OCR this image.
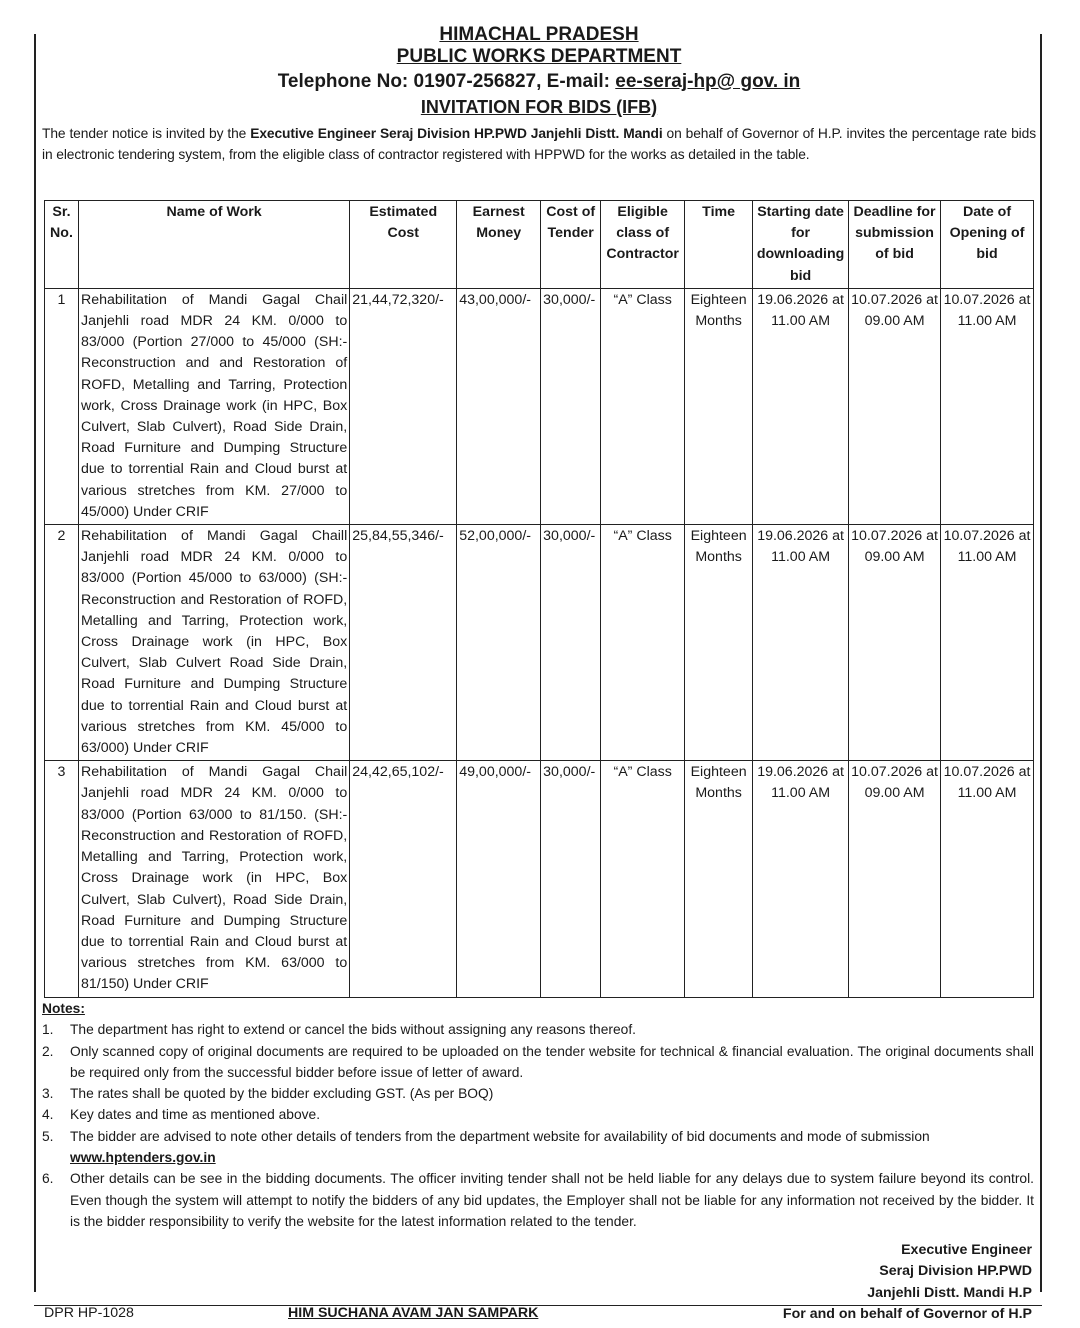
HIMACHAL PRADESH
PUBLIC WORKS DEPARTMENT
Telephone No: 01907-256827, E-mail: ee-seraj-hp@ gov. in
INVITATION FOR BIDS (IFB)
The tender notice is invited by the Executive Engineer Seraj Division HP.PWD Janjehli Distt. Mandi on behalf of Governor of H.P. invites the percentage rate bids in electronic tendering system, from the eligible class of contractor registered with HPPWD for the works as detailed in the table.
Sr. No.	Name of Work	Estimated Cost	Earnest Money	Cost of Tender	Eligible class of Contractor	Time	Starting date for downloading bid	Deadline for submission of bid	Date of Opening of bid
1	Rehabilitation of Mandi Gagal Chail Janjehli road MDR 24 KM. 0/000 to 83/000 (Portion 27/000 to 45/000 (SH:- Reconstruction and and Restoration of ROFD, Metalling and Tarring, Protection work, Cross Drainage work (in HPC, Box Culvert, Slab Culvert), Road Side Drain, Road Furniture and Dumping Structure due to torrential Rain and Cloud burst at various stretches from KM. 27/000 to 45/000) Under CRIF	21,44,72,320/-	43,00,000/-	30,000/-	“A” Class	Eighteen Months	19.06.2026 at 11.00 AM	10.07.2026 at 09.00 AM	10.07.2026 at 11.00 AM
2	Rehabilitation of Mandi Gagal Chaill Janjehli road MDR 24 KM. 0/000 to 83/000 (Portion 45/000 to 63/000) (SH:- Reconstruction and Restoration of ROFD, Metalling and Tarring, Protection work, Cross Drainage work (in HPC, Box Culvert, Slab Culvert Road Side Drain, Road Furniture and Dumping Structure due to torrential Rain and Cloud burst at various stretches from KM. 45/000 to 63/000) Under CRIF	25,84,55,346/-	52,00,000/-	30,000/-	“A” Class	Eighteen Months	19.06.2026 at 11.00 AM	10.07.2026 at 09.00 AM	10.07.2026 at 11.00 AM
3	Rehabilitation of Mandi Gagal Chail Janjehli road MDR 24 KM. 0/000 to 83/000 (Portion 63/000 to 81/150. (SH:- Reconstruction and Restoration of ROFD, Metalling and Tarring, Protection work, Cross Drainage work (in HPC, Box Culvert, Slab Culvert), Road Side Drain, Road Furniture and Dumping Structure due to torrential Rain and Cloud burst at various stretches from KM. 63/000 to 81/150) Under CRIF	24,42,65,102/-	49,00,000/-	30,000/-	“A” Class	Eighteen Months	19.06.2026 at 11.00 AM	10.07.2026 at 09.00 AM	10.07.2026 at 11.00 AM
Notes:
1.	The department has right to extend or cancel the bids without assigning any reasons thereof.
2.	Only scanned copy of original documents are required to be uploaded on the tender website for technical & financial evaluation. The original documents shall be required only from the successful bidder before issue of letter of award.
3.	The rates shall be quoted by the bidder excluding GST. (As per BOQ)
4.	Key dates and time as mentioned above.
5.	The bidder are advised to note other details of tenders from the department website for availability of bid documents and mode of submission
www.hptenders.gov.in
6.	Other details can be see in the bidding documents. The officer inviting tender shall not be held liable for any delays due to system failure beyond its control. Even though the system will attempt to notify the bidders of any bid updates, the Employer shall not be liable for any information not received by the bidder. It is the bidder responsibility to verify the website for the latest information related to the tender.
Executive Engineer
Seraj Division HP.PWD
Janjehli Distt. Mandi H.P
For and on behalf of Governor of H.P
DPR HP-1028	HIM SUCHANA AVAM JAN SAMPARK
